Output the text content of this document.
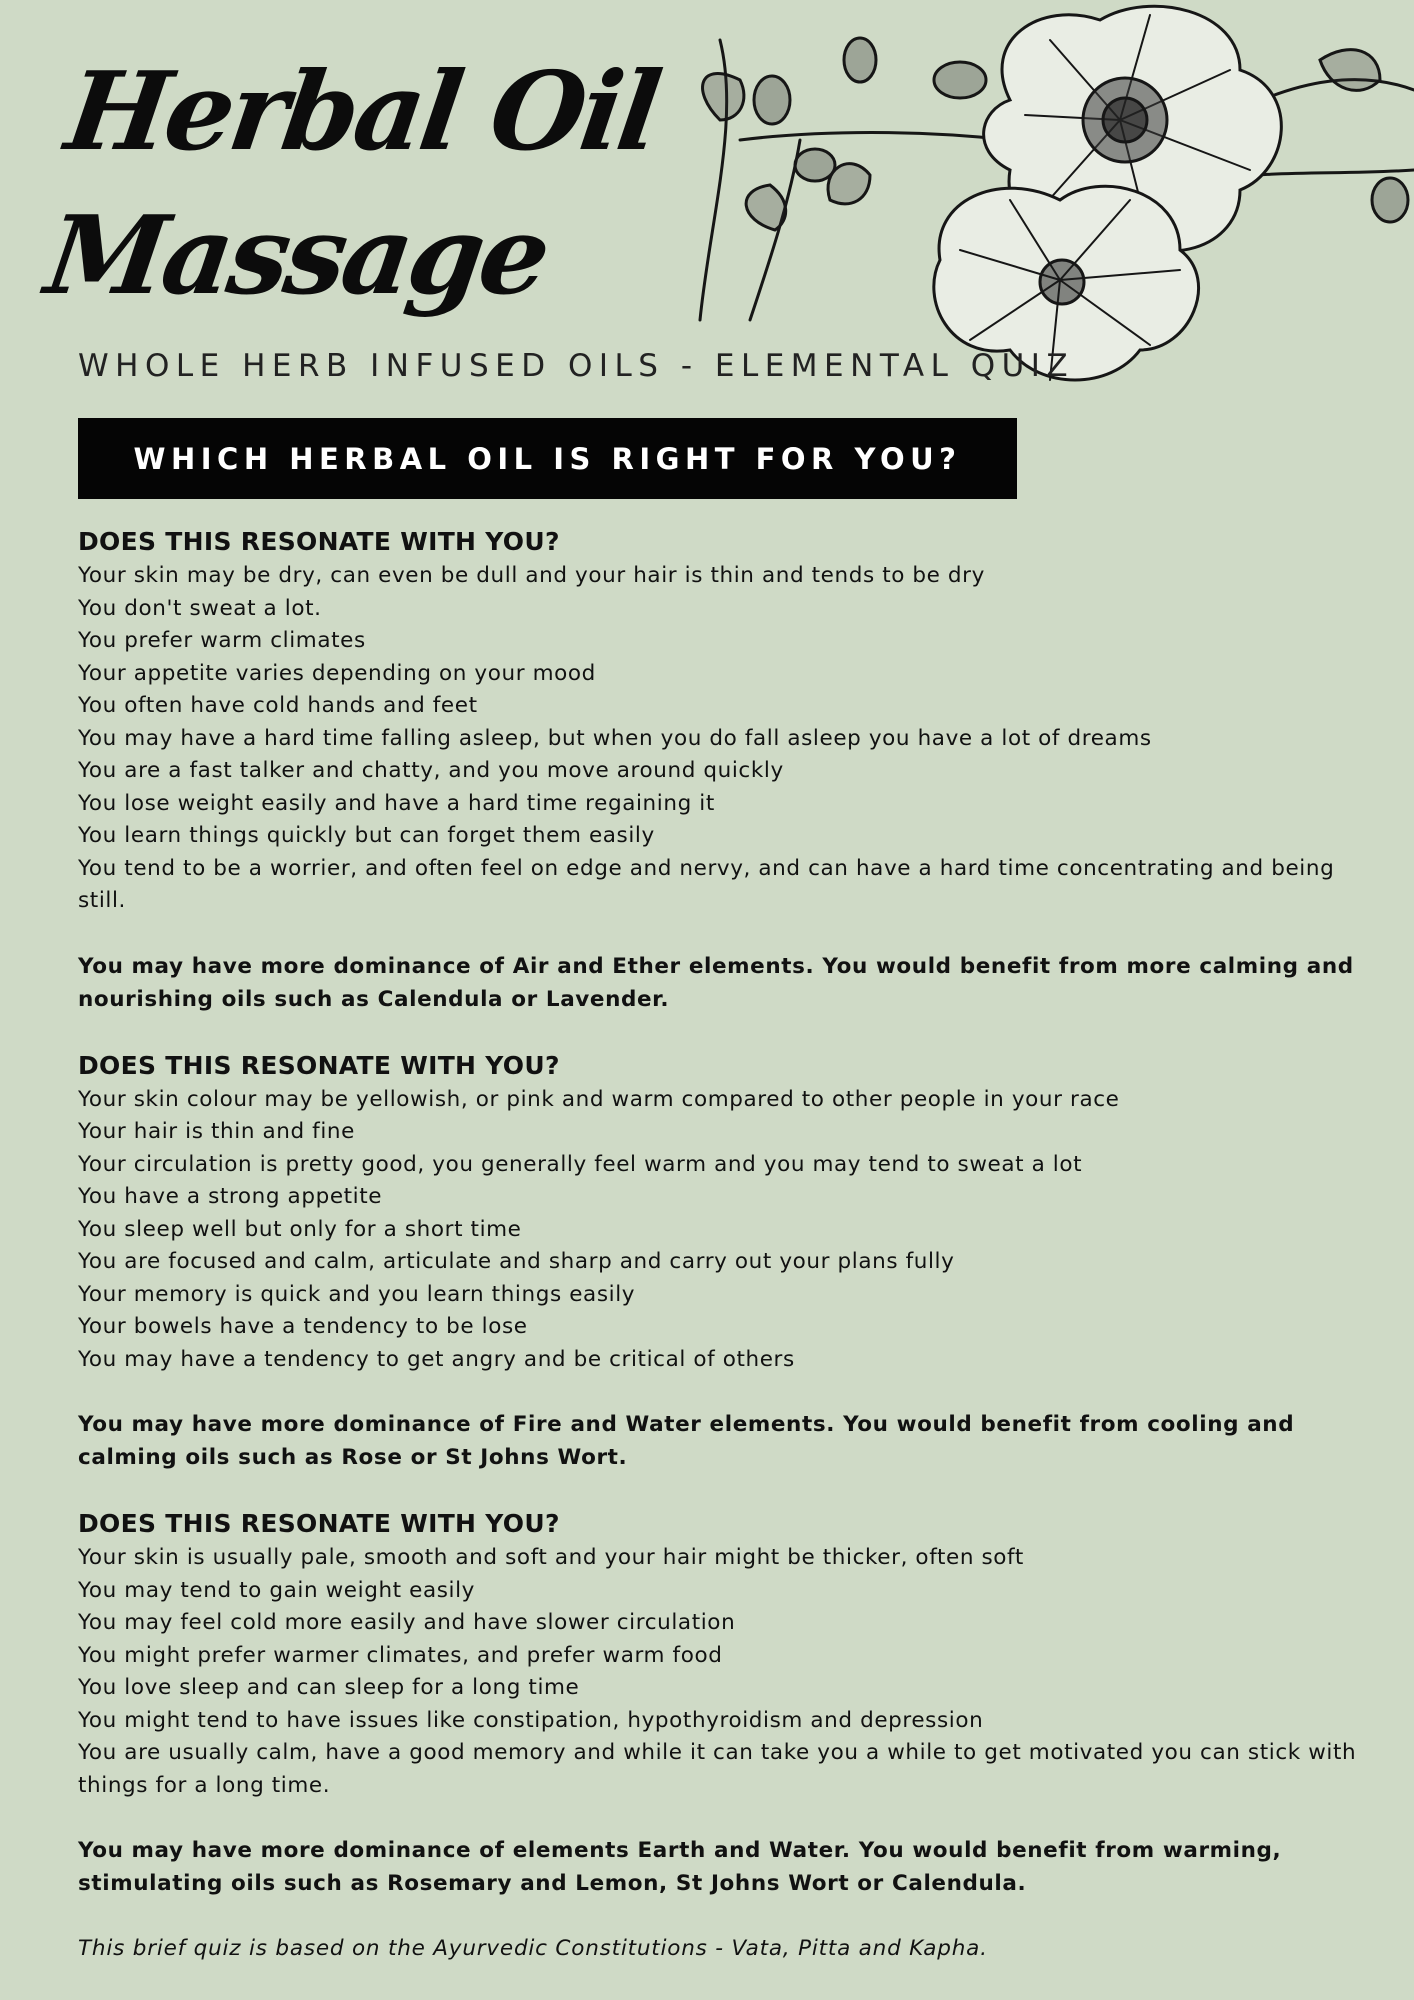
Herbal Oil
Massage
WHOLE HERB INFUSED OILS - ELEMENTAL QUIZ
WHICH HERBAL OIL IS RIGHT FOR YOU?
DOES THIS RESONATE WITH YOU?
Your skin may be dry, can even be dull and your hair is thin and tends to be dry
You don't sweat a lot.
You prefer warm climates
Your appetite varies depending on your mood
You often have cold hands and feet
You may have a hard time falling asleep, but when you do fall asleep you have a lot of dreams
You are a fast talker and chatty, and you move around quickly
You lose weight easily and have a hard time regaining it
You learn things quickly but can forget them easily
You tend to be a worrier, and often feel on edge and nervy, and can have a hard time concentrating and being still.

You may have more dominance of Air and Ether elements. You would benefit from more calming and nourishing oils such as Calendula or Lavender.

DOES THIS RESONATE WITH YOU?
Your skin colour may be yellowish, or pink and warm compared to other people in your race
Your hair is thin and fine
Your circulation is pretty good, you generally feel warm and you may tend to sweat a lot
You have a strong appetite
You sleep well but only for a short time
You are focused and calm, articulate and sharp and carry out your plans fully
Your memory is quick and you learn things easily
Your bowels have a tendency to be lose
You may have a tendency to get angry and be critical of others

You may have more dominance of Fire and Water elements. You would benefit from cooling and calming oils such as Rose or St Johns Wort.

DOES THIS RESONATE WITH YOU?
Your skin is usually pale, smooth and soft and your hair might be thicker, often soft
You may tend to gain weight easily
You may feel cold more easily and have slower circulation
You might prefer warmer climates, and prefer warm food
You love sleep and can sleep for a long time
You might tend to have issues like constipation, hypothyroidism and depression
You are usually calm, have a good memory and while it can take you a while to get motivated you can stick with things for a long time.

You may have more dominance of elements Earth and Water. You would benefit from warming, stimulating oils such as Rosemary and Lemon, St Johns Wort or Calendula.

This brief quiz is based on the Ayurvedic Constitutions - Vata, Pitta and Kapha.
